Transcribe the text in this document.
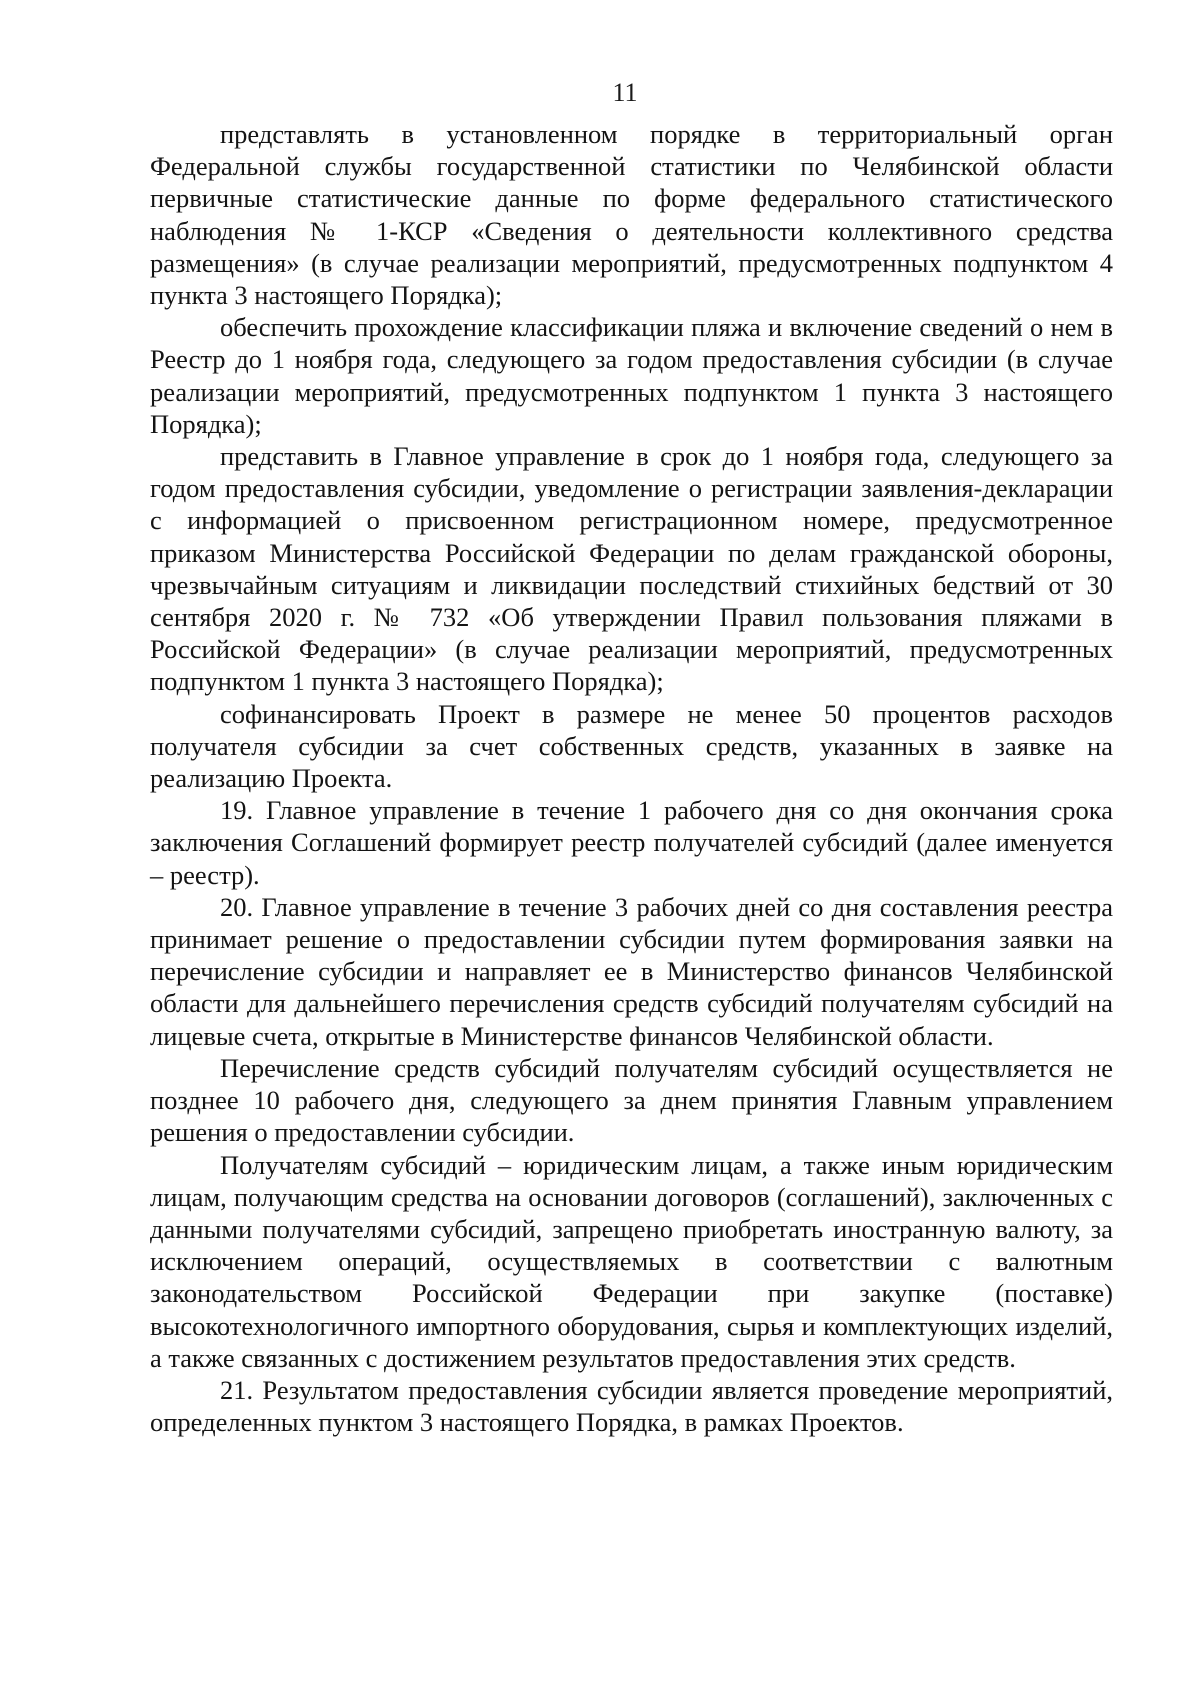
11

представлять в установленном порядке в территориальный орган Федеральной службы государственной статистики по Челябинской области первичные статистические данные по форме федерального статистического наблюдения № 1-КСР «Сведения о деятельности коллективного средства размещения» (в случае реализации мероприятий, предусмотренных подпунктом 4 пункта 3 настоящего Порядка);

обеспечить прохождение классификации пляжа и включение сведений о нем в Реестр до 1 ноября года, следующего за годом предоставления субсидии (в случае реализации мероприятий, предусмотренных подпунктом 1 пункта 3 настоящего Порядка);

представить в Главное управление в срок до 1 ноября года, следующего за годом предоставления субсидии, уведомление о регистрации заявления-декларации с информацией о присвоенном регистрационном номере, предусмотренное приказом Министерства Российской Федерации по делам гражданской обороны, чрезвычайным ситуациям и ликвидации последствий стихийных бедствий от 30 сентября 2020 г. № 732 «Об утверждении Правил пользования пляжами в Российской Федерации» (в случае реализации мероприятий, предусмотренных подпунктом 1 пункта 3 настоящего Порядка);

софинансировать Проект в размере не менее 50 процентов расходов получателя субсидии за счет собственных средств, указанных в заявке на реализацию Проекта.

19. Главное управление в течение 1 рабочего дня со дня окончания срока заключения Соглашений формирует реестр получателей субсидий (далее именуется – реестр).

20. Главное управление в течение 3 рабочих дней со дня составления реестра принимает решение о предоставлении субсидии путем формирования заявки на перечисление субсидии и направляет ее в Министерство финансов Челябинской области для дальнейшего перечисления средств субсидий получателям субсидий на лицевые счета, открытые в Министерстве финансов Челябинской области.

Перечисление средств субсидий получателям субсидий осуществляется не позднее 10 рабочего дня, следующего за днем принятия Главным управлением решения о предоставлении субсидии.

Получателям субсидий – юридическим лицам, а также иным юридическим лицам, получающим средства на основании договоров (соглашений), заключенных с данными получателями субсидий, запрещено приобретать иностранную валюту, за исключением операций, осуществляемых в соответствии с валютным законодательством Российской Федерации при закупке (поставке) высокотехнологичного импортного оборудования, сырья и комплектующих изделий, а также связанных с достижением результатов предоставления этих средств.

21. Результатом предоставления субсидии является проведение мероприятий, определенных пунктом 3 настоящего Порядка, в рамках Проектов.
